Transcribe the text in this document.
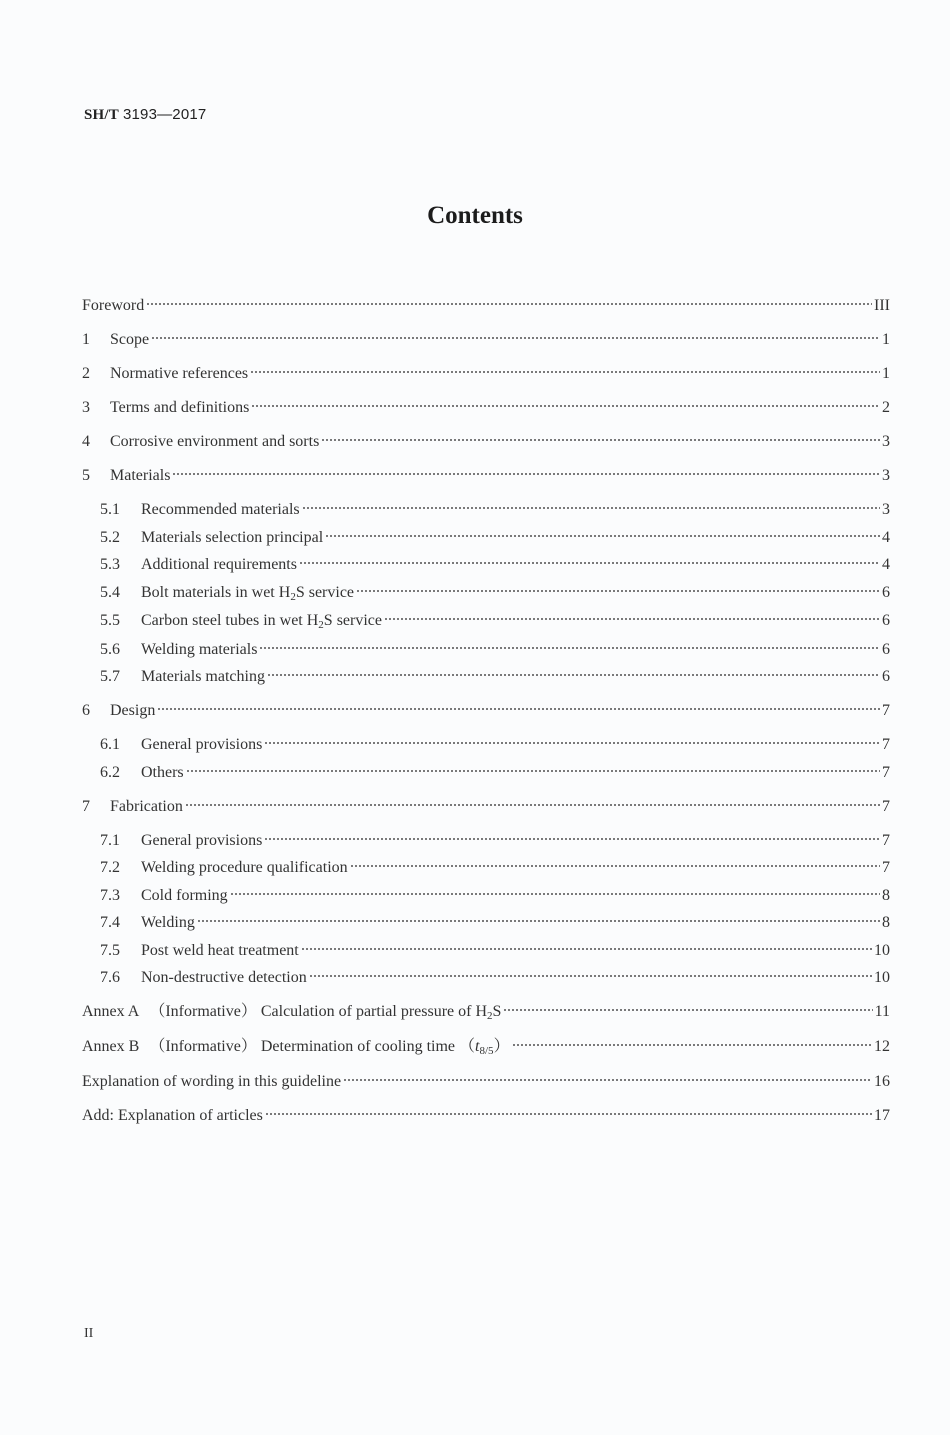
SH/T 3193—2017
Contents
Foreword	III
1	Scope	1
2	Normative references	1
3	Terms and definitions	2
4	Corrosive environment and sorts	3
5	Materials	3
5.1	Recommended materials	3
5.2	Materials selection principal	4
5.3	Additional requirements	4
5.4	Bolt materials in wet H2S service	6
5.5	Carbon steel tubes in wet H2S service	6
5.6	Welding materials	6
5.7	Materials matching	6
6	Design	7
6.1	General provisions	7
6.2	Others	7
7	Fabrication	7
7.1	General provisions	7
7.2	Welding procedure qualification	7
7.3	Cold forming	8
7.4	Welding	8
7.5	Post weld heat treatment	10
7.6	Non-destructive detection	10
Annex A （Informative） Calculation of partial pressure of H2S	11
Annex B （Informative） Determination of cooling time （t8/5）	12
Explanation of wording in this guideline	16
Add: Explanation of articles	17
II
